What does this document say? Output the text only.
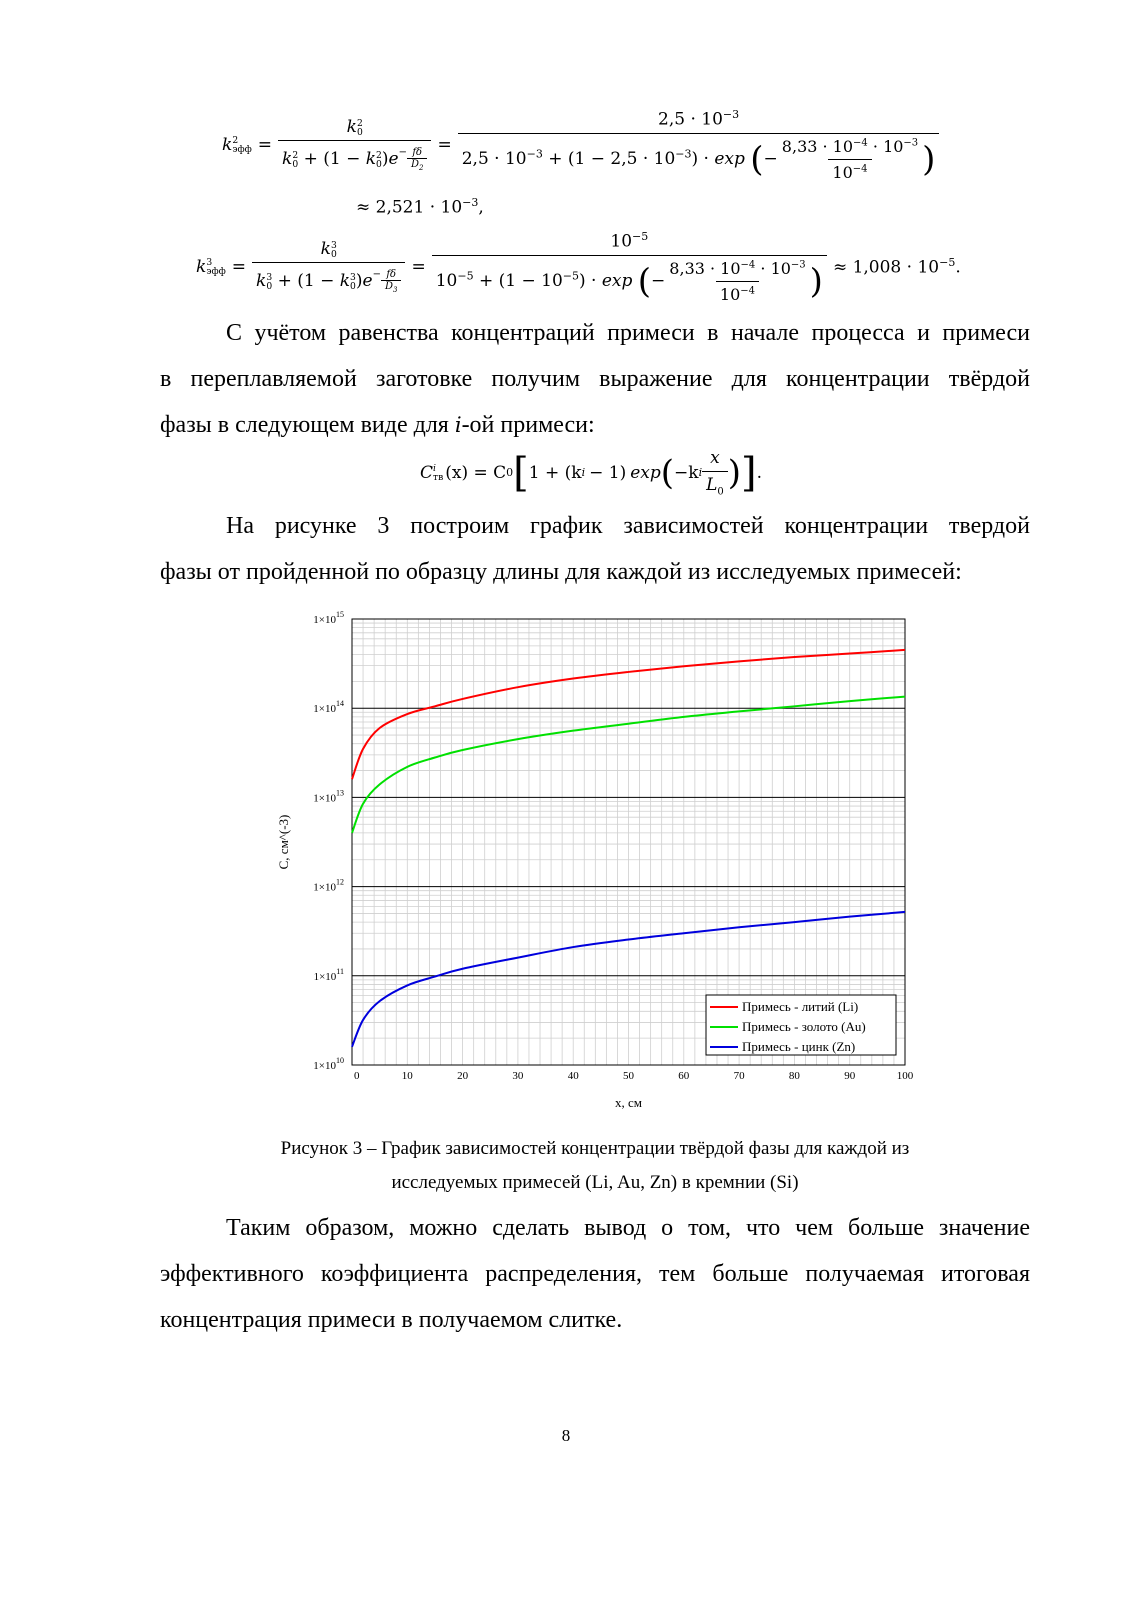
k 2
эфф = k 2
0
k 2
0 + (1 − k 2
0 )$e^- \frac{f\delta}{D_2}$ =
$2,5 \cdot 10^{-3}$
$2,5 \cdot 10^{-3} + (1 - 2,5 \cdot 10^{-3}) \cdot \exp$ (− $\frac{8,33 \cdot 10^{-4} \cdot 10^{-3}}{10^{-4}}$ )
≈ $2,521 \cdot 10^{-3}$,
k 3
эфф = k 3
0
k 3
0 + (1 − k 3
0 )$e^- \frac{f\delta}{D_3}$ =
$10^{-5}$
$10^{-5} + (1 - 10^{-5}) \cdot \exp$ (− $\frac{8,33 \cdot 10^{-4} \cdot 10^{-3}}{10^{-4}}$ ) ≈ $1,008 \cdot 10^{-5}$.
С учётом равенства концентраций примеси в начале процесса и примеси
в переплавляемой заготовке получим выражение для концентрации твёрдой
фазы в следующем виде для i-ой примеси:
C i
тв (x) = C 0 [ 1 + (k i − 1) exp ( −k i $\frac{x}{L_0}$ ) ] .
На рисунке 3 построим график зависимостей концентрации твердой
фазы от пройденной по образцу длины для каждой из исследуемых примесей:
$1\times 10^{10}$
$1\times 10^{11}$
$1\times 10^{12}$
$1\times 10^{13}$
$1\times 10^{14}$
$1\times 10^{15}$
0	10	20	30	40	50	60	70	80	90	100
C, см^(-3)
x, см
Примесь - литий (Li)
Примесь - золото (Au)
Примесь - цинк (Zn)
Рисунок 3 – График зависимостей концентрации твёрдой фазы для каждой из
исследуемых примесей (Li, Au, Zn) в кремнии (Si)
Таким образом, можно сделать вывод о том, что чем больше значение
эффективного коэффициента распределения, тем больше получаемая итоговая
концентрация примеси в получаемом слитке.
8
